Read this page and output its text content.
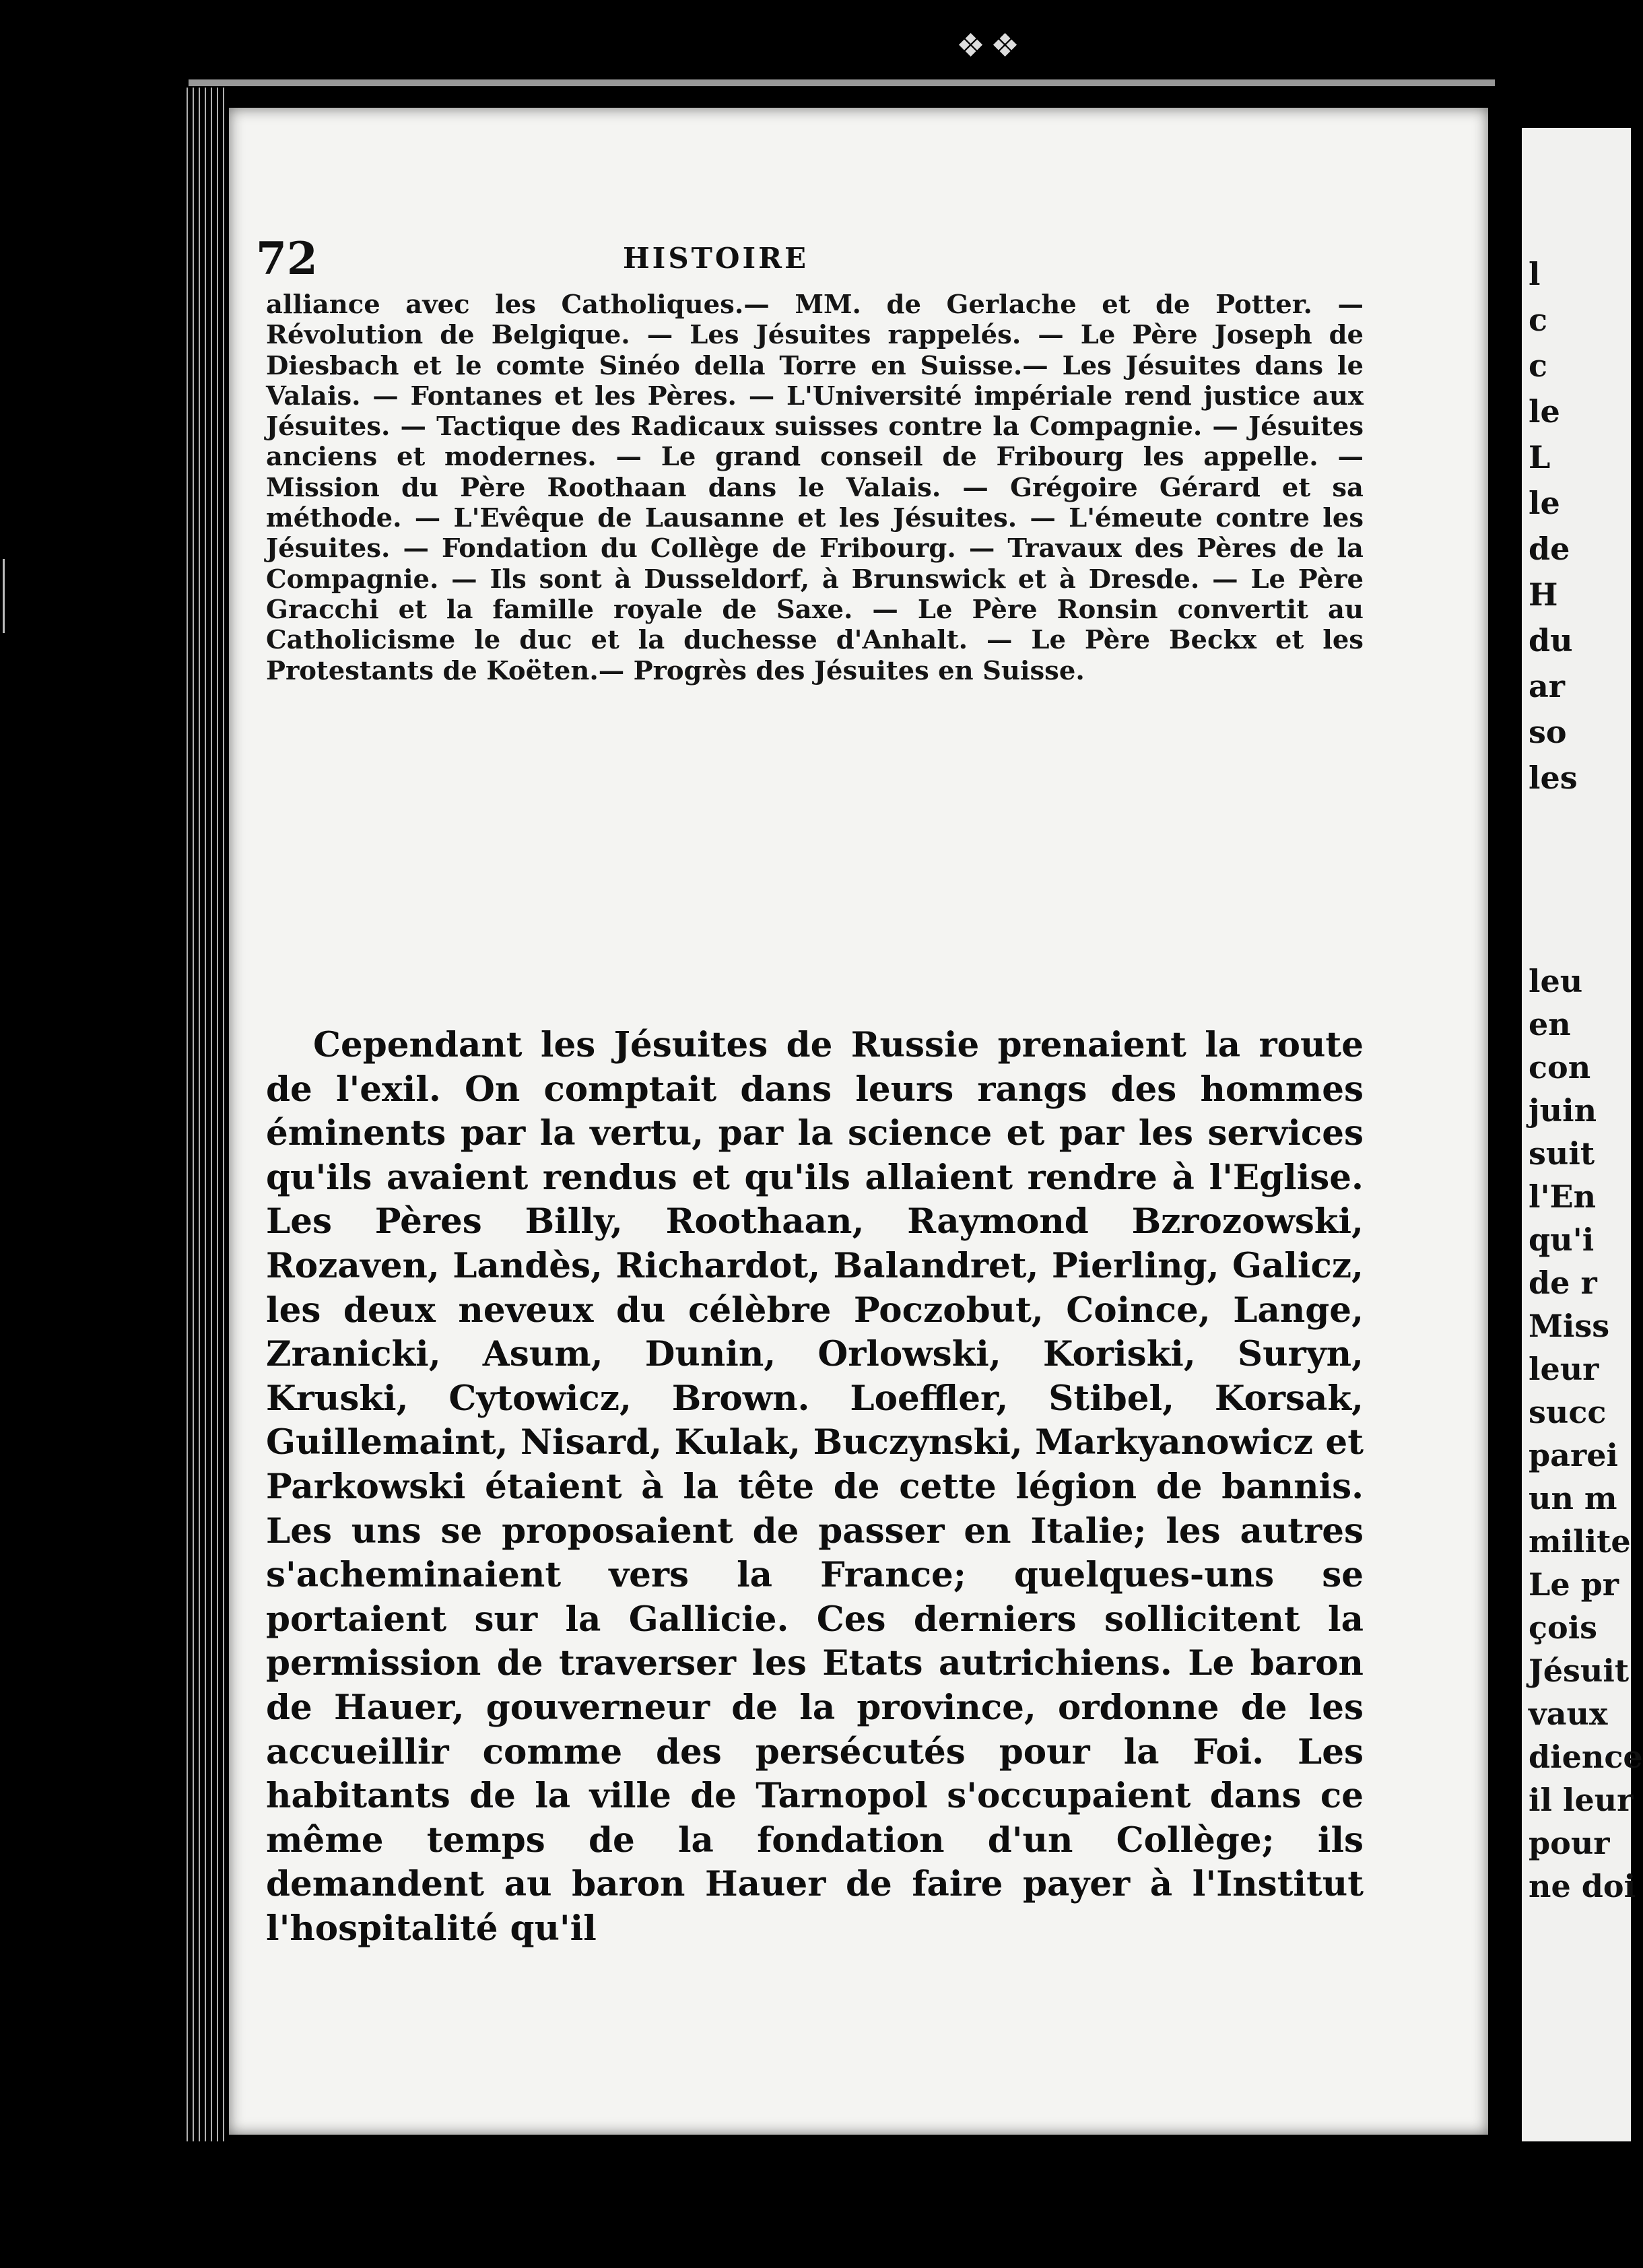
❖❖
72	HISTOIRE
alliance avec les Catholiques.— MM. de Gerlache et de Potter. — Révolution de Belgique. — Les Jésuites rappelés. — Le Père Joseph de Diesbach et le comte Sinéo della Torre en Suisse.— Les Jésuites dans le Valais. — Fontanes et les Pères. — L'Université impériale rend justice aux Jésuites. — Tactique des Radicaux suisses contre la Compagnie. — Jésuites anciens et modernes. — Le grand conseil de Fribourg les appelle. — Mission du Père Roothaan dans le Valais. — Grégoire Gérard et sa méthode. — L'Evêque de Lausanne et les Jésuites. — L'émeute contre les Jésuites. — Fondation du Collège de Fribourg. — Travaux des Pères de la Compagnie. — Ils sont à Dusseldorf, à Brunswick et à Dresde. — Le Père Gracchi et la famille royale de Saxe. — Le Père Ronsin convertit au Catholicisme le duc et la duchesse d'Anhalt. — Le Père Beckx et les Protestants de Koëten.— Progrès des Jésuites en Suisse.
Cependant les Jésuites de Russie prenaient la route de l'exil. On comptait dans leurs rangs des hommes éminents par la vertu, par la science et par les services qu'ils avaient rendus et qu'ils allaient rendre à l'Eglise. Les Pères Billy, Roothaan, Raymond Bzrozowski, Rozaven, Landès, Richardot, Balandret, Pierling, Galicz, les deux neveux du célèbre Poczobut, Coince, Lange, Zranicki, Asum, Dunin, Orlowski, Koriski, Suryn, Kruski, Cytowicz, Brown. Loeffler, Stibel, Korsak, Guillemaint, Nisard, Kulak, Buczynski, Markyanowicz et Parkowski étaient à la tête de cette légion de bannis. Les uns se proposaient de passer en Italie; les autres s'acheminaient vers la France; quelques-uns se portaient sur la Gallicie. Ces derniers sollicitent la permission de traverser les Etats autrichiens. Le baron de Hauer, gouverneur de la province, ordonne de les accueillir comme des persécutés pour la Foi. Les habitants de la ville de Tarnopol s'occupaient dans ce même temps de la fondation d'un Collège; ils demandent au baron Hauer de faire payer à l'Institut l'hospitalité qu'il
l
c
c
le
L
le
de
H
du
ar
so
les
leu
en
con
juin
suit
l'En
qu'i
de r
Miss
leur
succ
parei
un m
milite
Le pr
çois
Jésuit
vaux
dience
il leur
pour
ne doi
